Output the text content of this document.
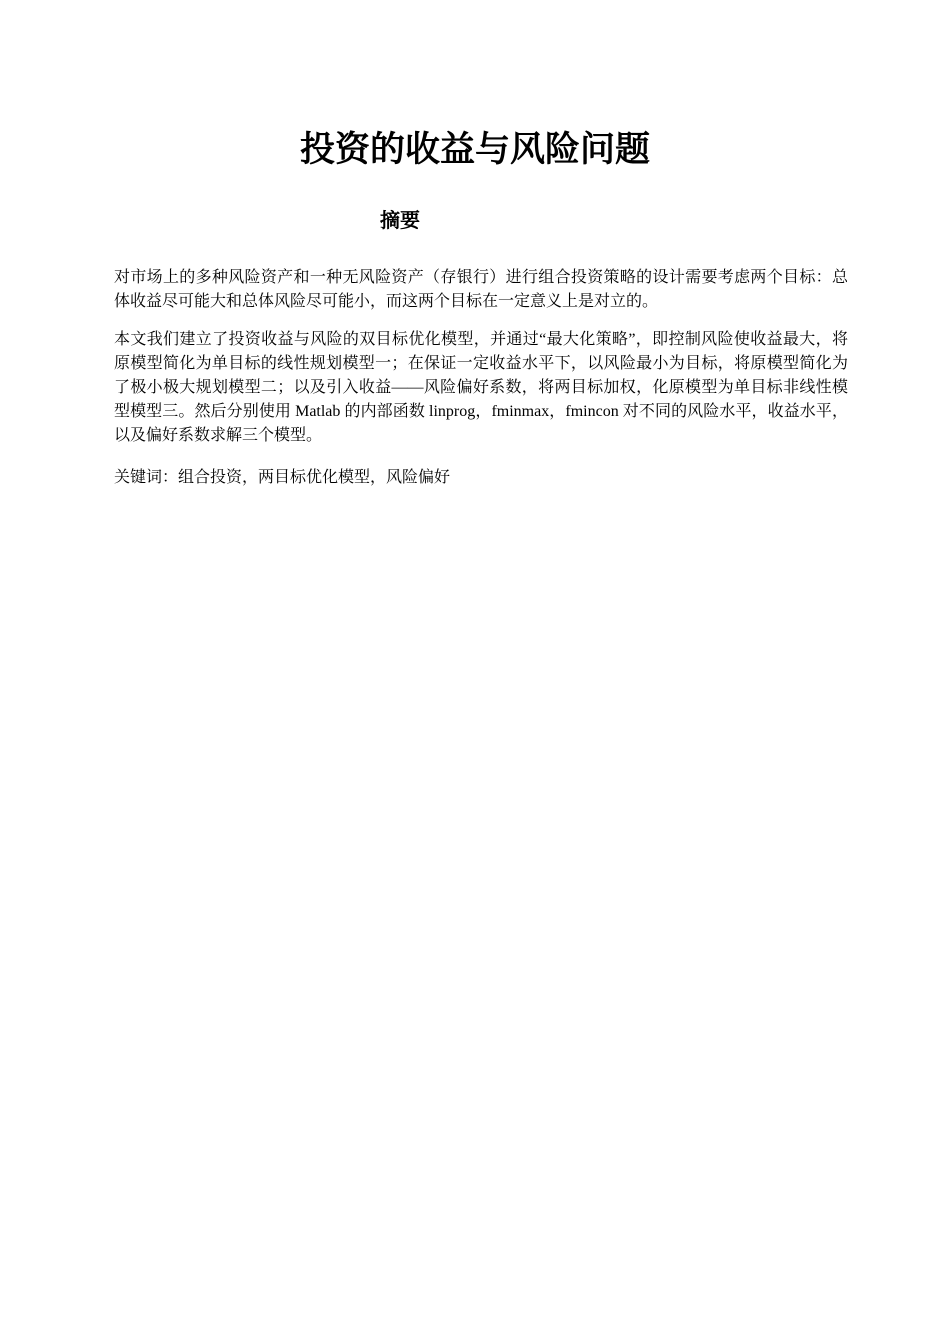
投资的收益与风险问题
摘要

对市场上的多种风险资产和一种无风险资产（存银行）进行组合投资策略的设计需要考虑两个目标：总体收益尽可能大和总体风险尽可能小，而这两个目标在一定意义上是对立的。

本文我们建立了投资收益与风险的双目标优化模型，并通过“最大化策略”，即控制风险使收益最大，将原模型简化为单目标的线性规划模型一；在保证一定收益水平下，以风险最小为目标，将原模型简化为了极小极大规划模型二；以及引入收益——风险偏好系数，将两目标加权，化原模型为单目标非线性模型模型三。然后分别使用 Matlab 的内部函数 linprog，fminmax，fmincon 对不同的风险水平，收益水平，以及偏好系数求解三个模型。

关键词：组合投资，两目标优化模型，风险偏好
